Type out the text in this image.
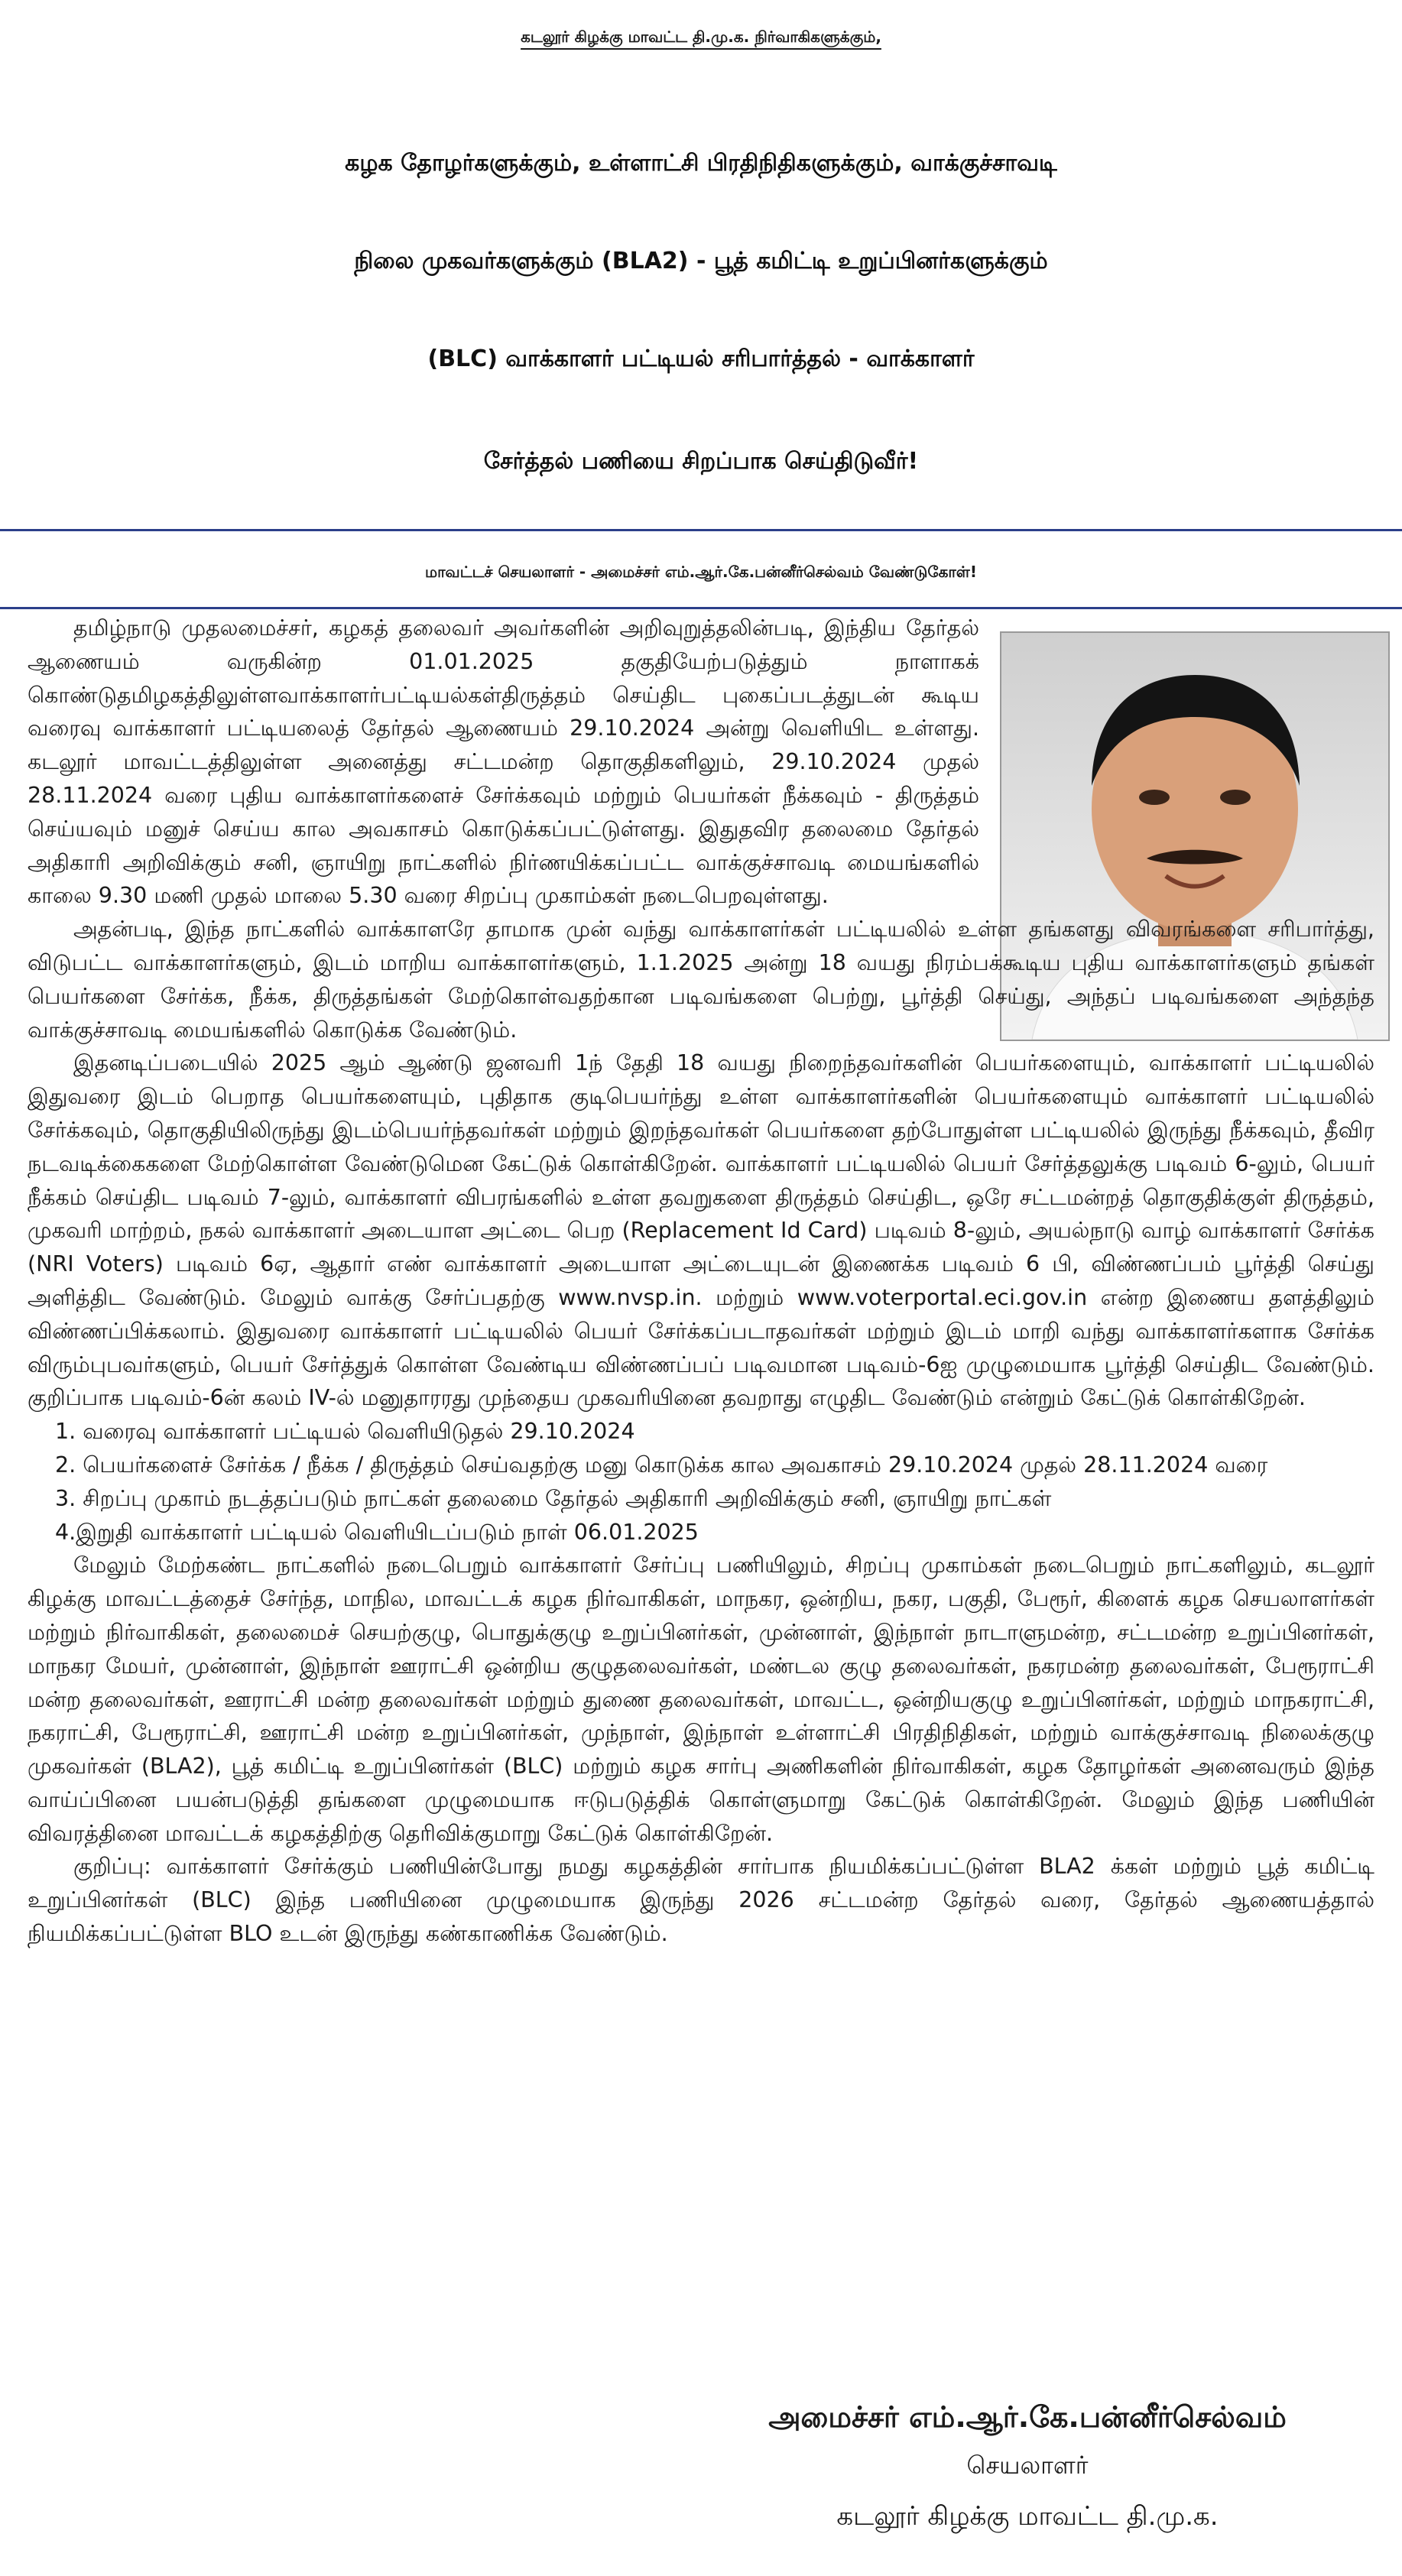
கடலூர் கிழக்கு மாவட்ட தி.மு.க. நிர்வாகிகளுக்கும்,
கழக தோழர்களுக்கும், உள்ளாட்சி பிரதிநிதிகளுக்கும், வாக்குச்சாவடி
நிலை முகவர்களுக்கும் (BLA2) - பூத் கமிட்டி உறுப்பினர்களுக்கும்
(BLC) வாக்காளர் பட்டியல் சரிபார்த்தல் - வாக்காளர்
சேர்த்தல் பணியை சிறப்பாக செய்திடுவீர்!
மாவட்டச் செயலாளர் - அமைச்சர் எம்.ஆர்.கே.பன்னீர்செல்வம் வேண்டுகோள்!

தமிழ்நாடு முதலமைச்சர், கழகத் தலைவர் அவர்களின் அறிவுறுத்தலின்படி, இந்திய தேர்தல் ஆணையம் வருகின்ற 01.01.2025 தகுதியேற்படுத்தும் நாளாகக் கொண்டுதமிழகத்திலுள்ளவாக்காளர்பட்டியல்கள்திருத்தம் செய்திட புகைப்படத்துடன் கூடிய வரைவு வாக்காளர் பட்டியலைத் தேர்தல் ஆணையம் 29.10.2024 அன்று வெளியிட உள்ளது. கடலூர் மாவட்டத்திலுள்ள அனைத்து சட்டமன்ற தொகுதிகளிலும், 29.10.2024 முதல் 28.11.2024 வரை புதிய வாக்காளர்களைச் சேர்க்கவும் மற்றும் பெயர்கள் நீக்கவும் - திருத்தம் செய்யவும் மனுச் செய்ய கால அவகாசம் கொடுக்கப்பட்டுள்ளது. இதுதவிர தலைமை தேர்தல் அதிகாரி அறிவிக்கும் சனி, ஞாயிறு நாட்களில் நிர்ணயிக்கப்பட்ட வாக்குச்சாவடி மையங்களில் காலை 9.30 மணி முதல் மாலை 5.30 வரை சிறப்பு முகாம்கள் நடைபெறவுள்ளது.

அதன்படி, இந்த நாட்களில் வாக்காளரே தாமாக முன் வந்து வாக்காளர்கள் பட்டியலில் உள்ள தங்களது விவரங்களை சரிபார்த்து, விடுபட்ட வாக்காளர்களும், இடம் மாறிய வாக்காளர்களும், 1.1.2025 அன்று 18 வயது நிரம்பக்கூடிய புதிய வாக்காளர்களும் தங்கள் பெயர்களை சேர்க்க, நீக்க, திருத்தங்கள் மேற்கொள்வதற்கான படிவங்களை பெற்று, பூர்த்தி செய்து, அந்தப் படிவங்களை அந்தந்த வாக்குச்சாவடி மையங்களில் கொடுக்க வேண்டும்.

இதனடிப்படையில் 2025 ஆம் ஆண்டு ஜனவரி 1ந் தேதி 18 வயது நிறைந்தவர்களின் பெயர்களையும், வாக்காளர் பட்டியலில் இதுவரை இடம் பெறாத பெயர்களையும், புதிதாக குடிபெயர்ந்து உள்ள வாக்காளர்களின் பெயர்களையும் வாக்காளர் பட்டியலில் சேர்க்கவும், தொகுதியிலிருந்து இடம்பெயர்ந்தவர்கள் மற்றும் இறந்தவர்கள் பெயர்களை தற்போதுள்ள பட்டியலில் இருந்து நீக்கவும், தீவிர நடவடிக்கைகளை மேற்கொள்ள வேண்டுமென கேட்டுக் கொள்கிறேன். வாக்காளர் பட்டியலில் பெயர் சேர்த்தலுக்கு படிவம் 6-லும், பெயர் நீக்கம் செய்திட படிவம் 7-லும், வாக்காளர் விபரங்களில் உள்ள தவறுகளை திருத்தம் செய்திட, ஒரே சட்டமன்றத் தொகுதிக்குள் திருத்தம், முகவரி மாற்றம், நகல் வாக்காளர் அடையாள அட்டை பெற (Replacement Id Card) படிவம் 8-லும், அயல்நாடு வாழ் வாக்காளர் சேர்க்க (NRI Voters) படிவம் 6ஏ, ஆதார் எண் வாக்காளர் அடையாள அட்டையுடன் இணைக்க படிவம் 6 பி, விண்ணப்பம் பூர்த்தி செய்து அளித்திட வேண்டும். மேலும் வாக்கு சேர்ப்பதற்கு www.nvsp.in. மற்றும் www.voterportal.eci.gov.in என்ற இணைய தளத்திலும் விண்ணப்பிக்கலாம். இதுவரை வாக்காளர் பட்டியலில் பெயர் சேர்க்கப்படாதவர்கள் மற்றும் இடம் மாறி வந்து வாக்காளர்களாக சேர்க்க விரும்புபவர்களும், பெயர் சேர்த்துக் கொள்ள வேண்டிய விண்ணப்பப் படிவமான படிவம்-6ஐ முழுமையாக பூர்த்தி செய்திட வேண்டும். குறிப்பாக படிவம்-6ன் கலம் IV-ல் மனுதாரரது முந்தைய முகவரியினை தவறாது எழுதிட வேண்டும் என்றும் கேட்டுக் கொள்கிறேன்.

1. வரைவு வாக்காளர் பட்டியல் வெளியிடுதல் 29.10.2024
2. பெயர்களைச் சேர்க்க / நீக்க / திருத்தம் செய்வதற்கு மனு கொடுக்க கால அவகாசம் 29.10.2024 முதல் 28.11.2024 வரை
3. சிறப்பு முகாம் நடத்தப்படும் நாட்கள் தலைமை தேர்தல் அதிகாரி அறிவிக்கும் சனி, ஞாயிறு நாட்கள்
4.இறுதி வாக்காளர் பட்டியல் வெளியிடப்படும் நாள் 06.01.2025

மேலும் மேற்கண்ட நாட்களில் நடைபெறும் வாக்காளர் சேர்ப்பு பணியிலும், சிறப்பு முகாம்கள் நடைபெறும் நாட்களிலும், கடலூர் கிழக்கு மாவட்டத்தைச் சேர்ந்த, மாநில, மாவட்டக் கழக நிர்வாகிகள், மாநகர, ஒன்றிய, நகர, பகுதி, பேரூர், கிளைக் கழக செயலாளர்கள் மற்றும் நிர்வாகிகள், தலைமைச் செயற்குழு, பொதுக்குழு உறுப்பினர்கள், முன்னாள், இந்நாள் நாடாளுமன்ற, சட்டமன்ற உறுப்பினர்கள், மாநகர மேயர், முன்னாள், இந்நாள் ஊராட்சி ஒன்றிய குழுதலைவர்கள், மண்டல குழு தலைவர்கள், நகரமன்ற தலைவர்கள், பேரூராட்சி மன்ற தலைவர்கள், ஊராட்சி மன்ற தலைவர்கள் மற்றும் துணை தலைவர்கள், மாவட்ட, ஒன்றியகுழு உறுப்பினர்கள், மற்றும் மாநகராட்சி, நகராட்சி, பேரூராட்சி, ஊராட்சி மன்ற உறுப்பினர்கள், முந்நாள், இந்நாள் உள்ளாட்சி பிரதிநிதிகள், மற்றும் வாக்குச்சாவடி நிலைக்குழு முகவர்கள் (BLA2), பூத் கமிட்டி உறுப்பினர்கள் (BLC) மற்றும் கழக சார்பு அணிகளின் நிர்வாகிகள், கழக தோழர்கள் அனைவரும் இந்த வாய்ப்பினை பயன்படுத்தி தங்களை முழுமையாக ஈடுபடுத்திக் கொள்ளுமாறு கேட்டுக் கொள்கிறேன். மேலும் இந்த பணியின் விவரத்தினை மாவட்டக் கழகத்திற்கு தெரிவிக்குமாறு கேட்டுக் கொள்கிறேன்.

குறிப்பு: வாக்காளர் சேர்க்கும் பணியின்போது நமது கழகத்தின் சார்பாக நியமிக்கப்பட்டுள்ள BLA2 க்கள் மற்றும் பூத் கமிட்டி உறுப்பினர்கள் (BLC) இந்த பணியினை முழுமையாக இருந்து 2026 சட்டமன்ற தேர்தல் வரை, தேர்தல் ஆணையத்தால் நியமிக்கப்பட்டுள்ள BLO உடன் இருந்து கண்காணிக்க வேண்டும்.

அமைச்சர் எம்.ஆர்.கே.பன்னீர்செல்வம்
செயலாளர்
கடலூர் கிழக்கு மாவட்ட தி.மு.க.
